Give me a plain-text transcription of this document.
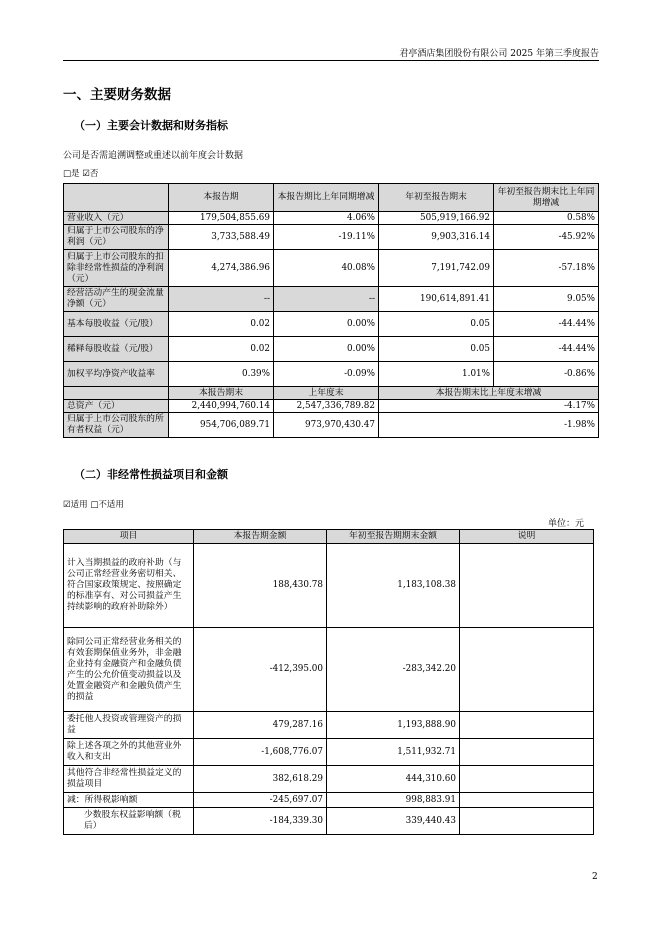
君亭酒店集团股份有限公司 2025 年第三季度报告
一、主要财务数据
（一）主要会计数据和财务指标
公司是否需追溯调整或重述以前年度会计数据
□是 ☑否
	本报告期	本报告期比上年同期增减	年初至报告期末	年初至报告期末比上年同期增减
营业收入（元）	179,504,855.69	4.06%	505,919,166.92	0.58%
归属于上市公司股东的净利润（元）	3,733,588.49	-19.11%	9,903,316.14	-45.92%
归属于上市公司股东的扣除非经常性损益的净利润（元）	4,274,386.96	40.08%	7,191,742.09	-57.18%
经营活动产生的现金流量净额（元）	--	--	190,614,891.41	9.05%
基本每股收益（元/股）	0.02	0.00%	0.05	-44.44%
稀释每股收益（元/股）	0.02	0.00%	0.05	-44.44%
加权平均净资产收益率	0.39%	-0.09%	1.01%	-0.86%
	本报告期末	上年度末	本报告期末比上年度末增减	
总资产（元）	2,440,994,760.14	2,547,336,789.82	-4.17%	
归属于上市公司股东的所有者权益（元）	954,706,089.71	973,970,430.47	-1.98%	
（二）非经常性损益项目和金额
☑适用 □不适用
单位：元
项目	本报告期金额	年初至报告期期末金额	说明
计入当期损益的政府补助（与公司正常经营业务密切相关、符合国家政策规定、按照确定的标准享有、对公司损益产生持续影响的政府补助除外）	188,430.78	1,183,108.38	
除同公司正常经营业务相关的有效套期保值业务外，非金融企业持有金融资产和金融负债产生的公允价值变动损益以及处置金融资产和金融负债产生的损益	-412,395.00	-283,342.20	
委托他人投资或管理资产的损益	479,287.16	1,193,888.90	
除上述各项之外的其他营业外收入和支出	-1,608,776.07	1,511,932.71	
其他符合非经常性损益定义的损益项目	382,618.29	444,310.60	
减：所得税影响额	-245,697.07	998,883.91	
少数股东权益影响额（税后）	-184,339.30	339,440.43	
2
